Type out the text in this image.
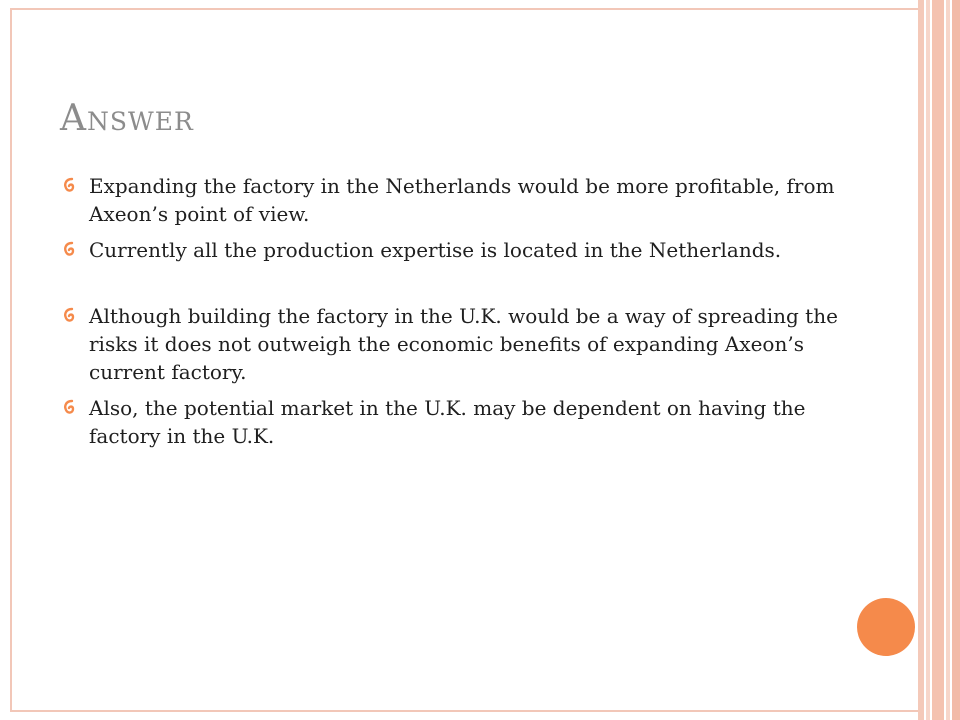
Answer
Expanding the factory in the Netherlands would be more profitable, from Axeon’s point of view.
Currently all the production expertise is located in the Netherlands.
Although building the factory in the U.K. would be a way of spreading the risks it does not outweigh the economic benefits of expanding Axeon’s current factory.
Also, the potential market in the U.K. may be dependent on having the factory in the U.K.
